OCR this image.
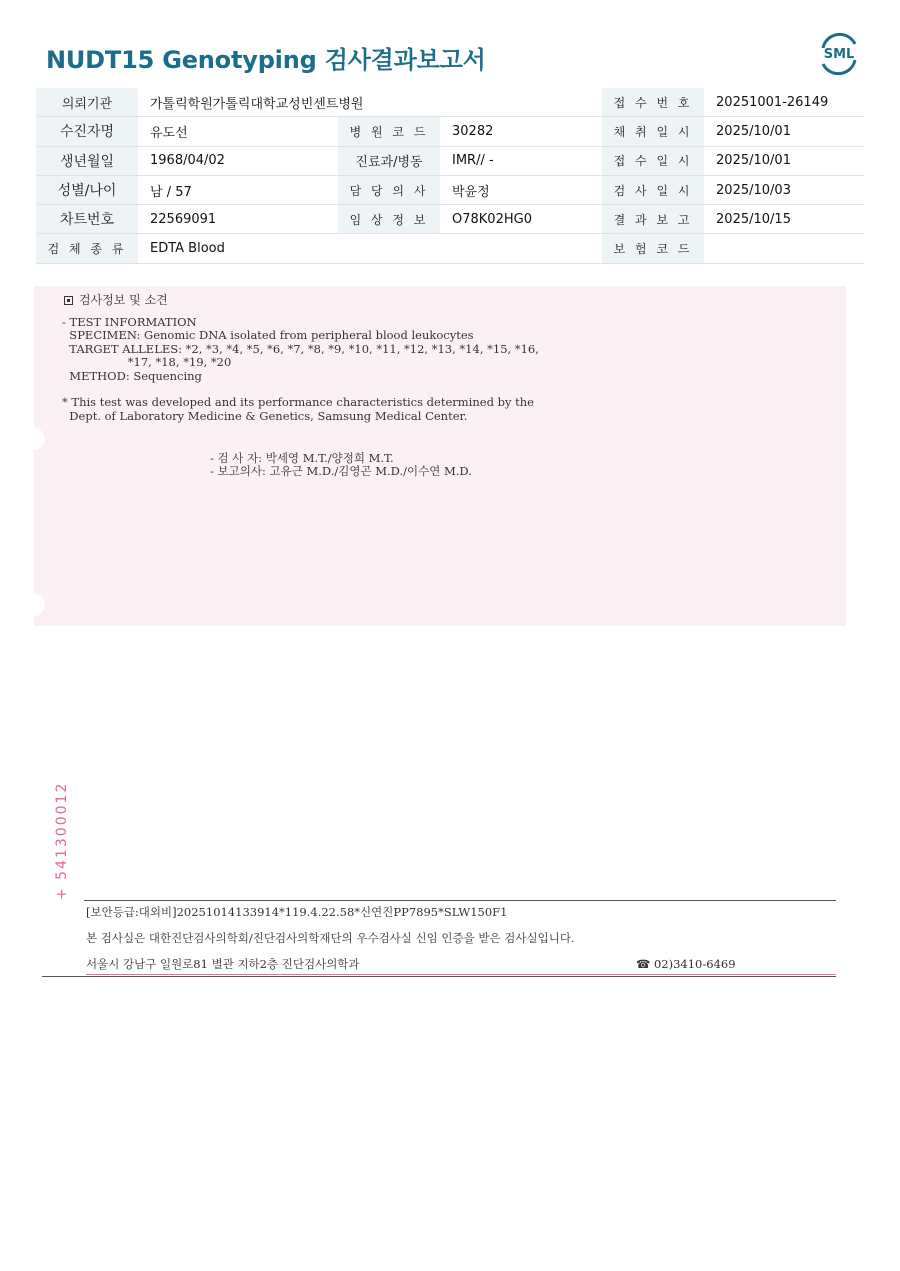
NUDT15 Genotyping 검사결과보고서	SML
의뢰기관	가톨릭학원가톨릭대학교성빈센트병원			접 수 번 호	20251001-26149
수진자명	유도선	병 원 코 드	30282	채 취 일 시	2025/10/01
생년월일	1968/04/02	진료과/병동	IMR// -	접 수 일 시	2025/10/01
성별/나이	남 / 57	담 당 의 사	박윤정	검 사 일 시	2025/10/03
차트번호	22569091	임 상 정 보	O78K02HG0	결 과 보 고	2025/10/15
검 체 종 류	EDTA Blood			보 험 코 드	
검사정보 및 소견
- TEST INFORMATION
SPECIMEN: Genomic DNA isolated from peripheral blood leukocytes
TARGET ALLELES: *2, *3, *4, *5, *6, *7, *8, *9, *10, *11, *12, *13, *14, *15, *16,
*17, *18, *19, *20
METHOD: Sequencing

* This test was developed and its performance characteristics determined by the
Dept. of Laboratory Medicine & Genetics, Samsung Medical Center.
- 검 사 자: 박세영 M.T./양정희 M.T.
- 보고의사: 고유근 M.D./김영곤 M.D./이수연 M.D.
+ 541300012
[보안등급:대외비]20251014133914*119.4.22.58*신연진PP7895*SLW150F1
본 검사실은 대한진단검사의학회/진단검사의학재단의 우수검사실 신임 인증을 받은 검사실입니다.
서울시 강남구 일원로81 별관 지하2층 진단검사의학과	☎ 02)3410-6469
